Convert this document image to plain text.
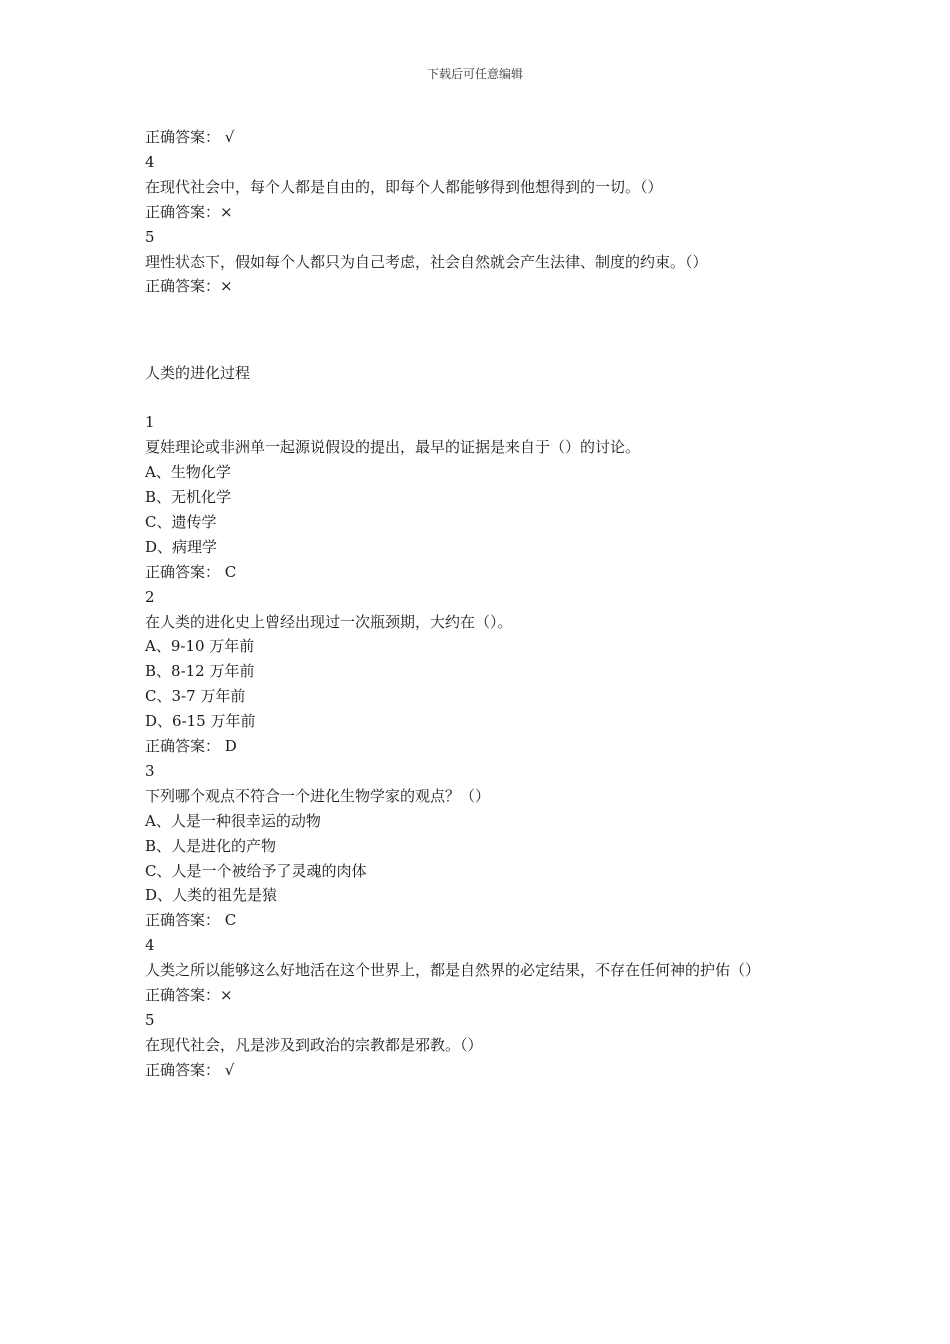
下载后可任意编辑
正确答案： √
4
在现代社会中，每个人都是自由的，即每个人都能够得到他想得到的一切。（）
正确答案：×
5
理性状态下，假如每个人都只为自己考虑，社会自然就会产生法律、制度的约束。（）
正确答案：×
人类的进化过程
1
夏娃理论或非洲单一起源说假设的提出，最早的证据是来自于（）的讨论。
A、生物化学
B、无机化学
C、遗传学
D、病理学
正确答案： C
2
在人类的进化史上曾经出现过一次瓶颈期，大约在（）。
A、9-10 万年前
B、8-12 万年前
C、3-7 万年前
D、6-15 万年前
正确答案： D
3
下列哪个观点不符合一个进化生物学家的观点？（）
A、人是一种很幸运的动物
B、人是进化的产物
C、人是一个被给予了灵魂的肉体
D、人类的祖先是猿
正确答案： C
4
人类之所以能够这么好地活在这个世界上，都是自然界的必定结果，不存在任何神的护佑（）
正确答案：×
5
在现代社会，凡是涉及到政治的宗教都是邪教。（）
正确答案： √
